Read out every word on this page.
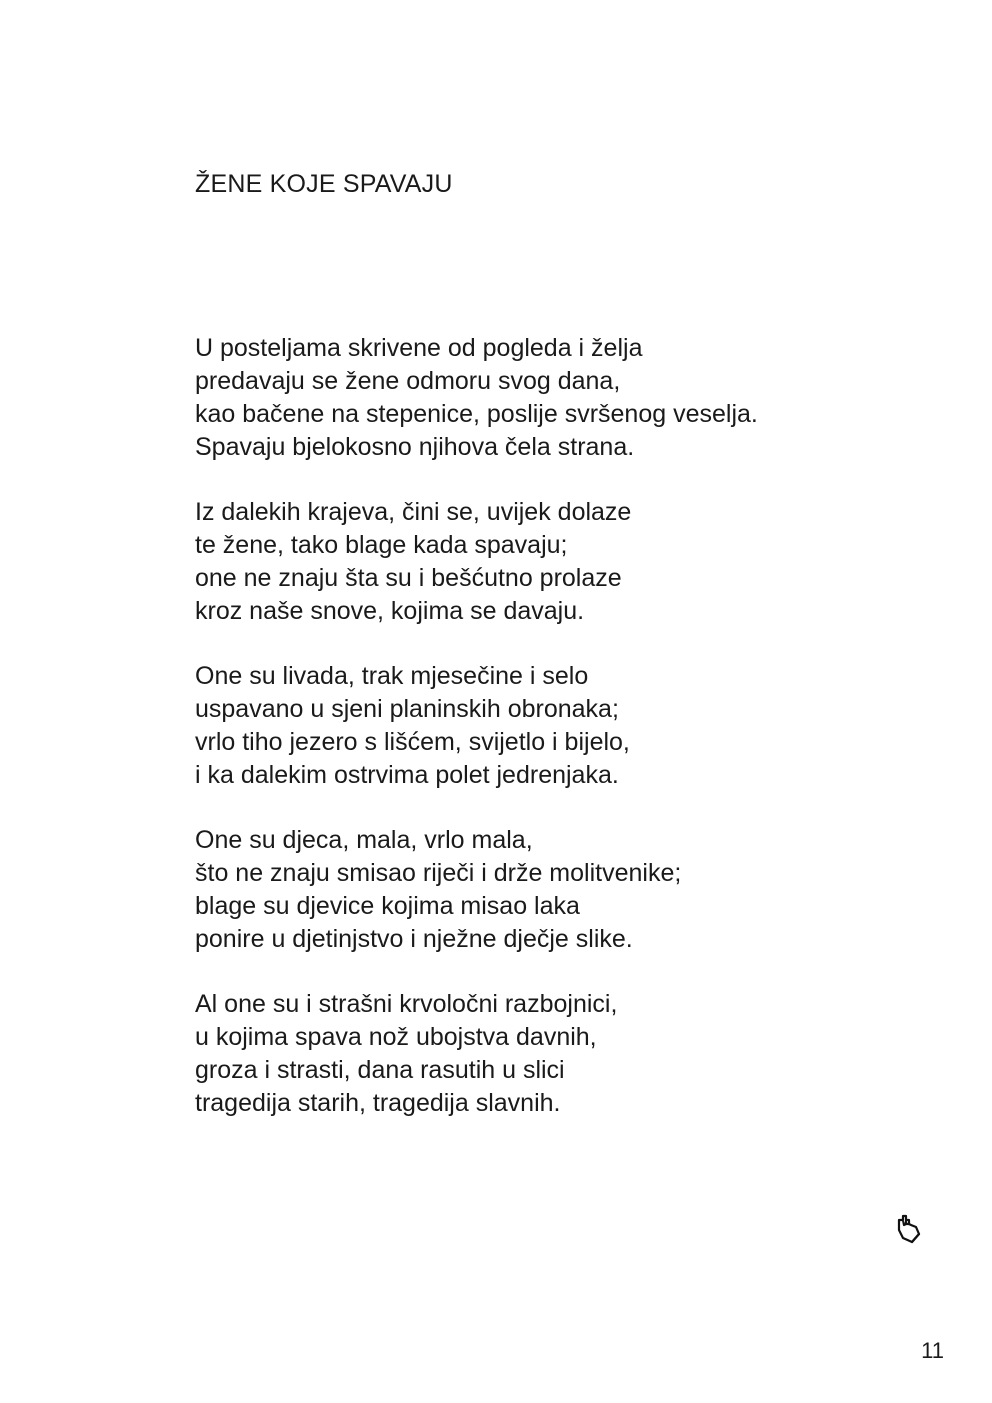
ŽENE KOJE SPAVAJU
U posteljama skrivene od pogleda i želja
predavaju se žene odmoru svog dana,
kao bačene na stepenice, poslije svršenog veselja.
Spavaju bjelokosno njihova čela strana.
Iz dalekih krajeva, čini se, uvijek dolaze
te žene, tako blage kada spavaju;
one ne znaju šta su i bešćutno prolaze
kroz naše snove, kojima se davaju.
One su livada, trak mjesečine i selo
uspavano u sjeni planinskih obronaka;
vrlo tiho jezero s lišćem, svijetlo i bijelo,
i ka dalekim ostrvima polet jedrenjaka.
One su djeca, mala, vrlo mala,
što ne znaju smisao riječi i drže molitvenike;
blage su djevice kojima misao laka
ponire u djetinjstvo i nježne dječje slike.
Al one su i strašni krvoločni razbojnici,
u kojima spava nož ubojstva davnih,
groza i strasti, dana rasutih u slici
tragedija starih, tragedija slavnih.
11
